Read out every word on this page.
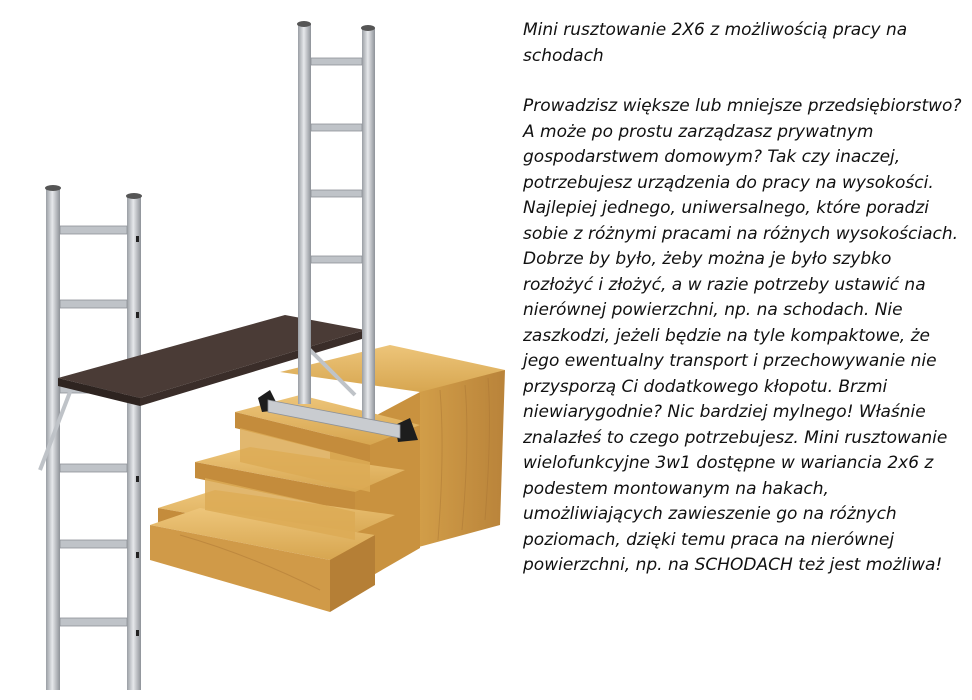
Mini rusztowanie 2X6 z możliwością pracy na schodach

Prowadzisz większe lub mniejsze przedsiębiorstwo? A może po prostu zarządzasz prywatnym gospodarstwem domowym? Tak czy inaczej, potrzebujesz urządzenia do pracy na wysokości. Najlepiej jednego, uniwersalnego, które poradzi sobie z różnymi pracami na różnych wysokościach. Dobrze by było, żeby można je było szybko rozłożyć i złożyć, a w razie potrzeby ustawić na nierównej powierzchni, np. na schodach. Nie zaszkodzi, jeżeli będzie na tyle kompaktowe, że jego ewentualny transport i przechowywanie nie przysporzą Ci dodatkowego kłopotu. Brzmi niewiarygodnie? Nic bardziej mylnego! Właśnie znalazłeś to czego potrzebujesz. Mini rusztowanie wielofunkcyjne 3w1 dostępne w wariancia 2x6 z podestem montowanym na hakach, umożliwiających zawieszenie go na różnych poziomach, dzięki temu praca na nierównej powierzchni, np. na SCHODACH też jest możliwa!
